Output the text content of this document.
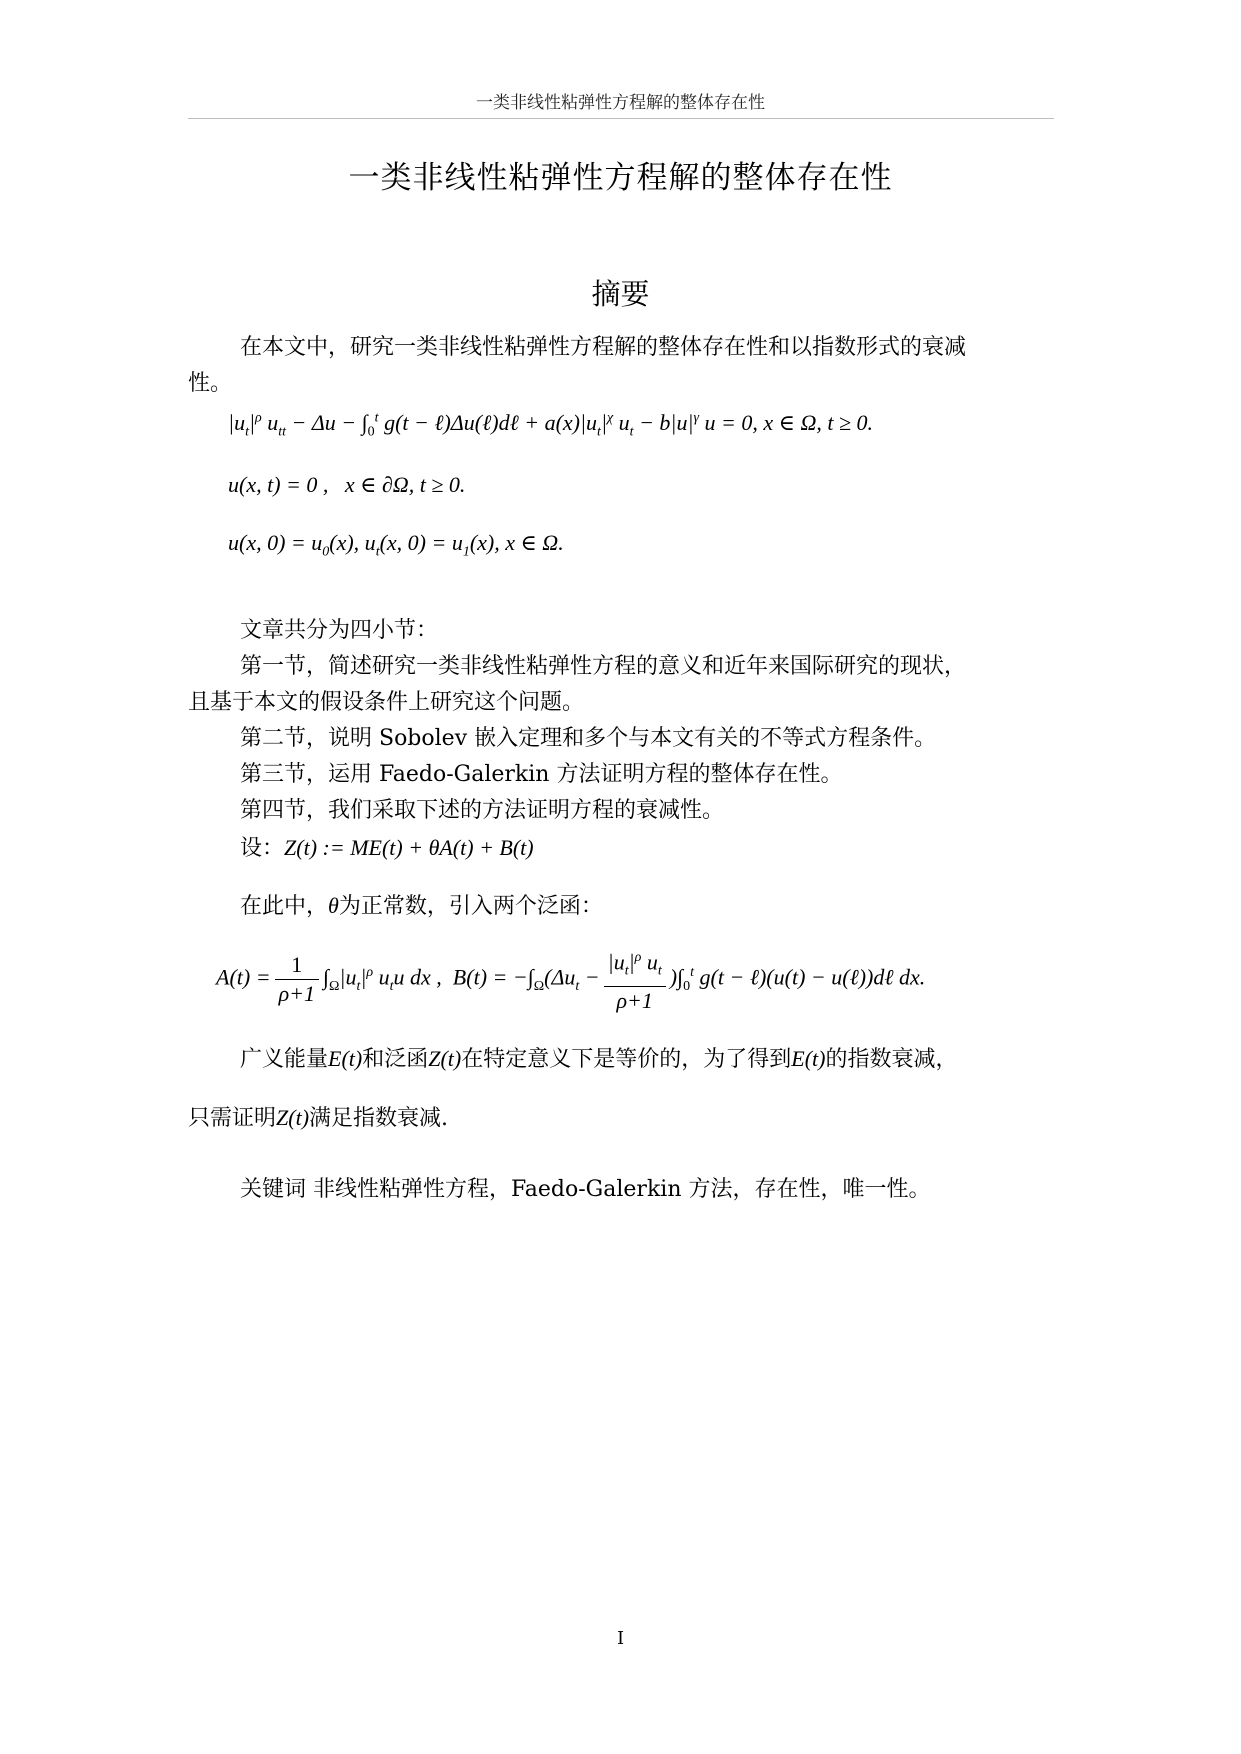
一类非线性粘弹性方程解的整体存在性
一类非线性粘弹性方程解的整体存在性
摘要
在本文中，研究一类非线性粘弹性方程解的整体存在性和以指数形式的衰减
性。
$|u_t|^\rho$ $u_{tt} - \Delta u - \int_0^t$ g(t − ℓ)Δu(ℓ)dℓ + $a(x)|u_t|^\chi$ $u_t - b|u|^\gamma$ u = 0, x ∈ Ω, t ≥ 0.
u(x, t) = 0 ,   x ∈ ∂Ω, t ≥ 0.
u(x, $0) = u_0(x)$, $u_t(x$, $0) = u_1(x)$, x ∈ Ω.
文章共分为四小节：
第一节，简述研究一类非线性粘弹性方程的意义和近年来国际研究的现状，
且基于本文的假设条件上研究这个问题。
第二节，说明 Sobolev 嵌入定理和多个与本文有关的不等式方程条件。
第三节，运用 Faedo-Galerkin 方法证明方程的整体存在性。
第四节，我们采取下述的方法证明方程的衰减性。
设：Z(t) := ME(t) + θA(t) + B(t)
在此中，θ为正常数，引入两个泛函：
$A(t) = \frac{1}{\rho+1} \int_\Omega|u_t|^\rho$ $u_tu$ dx ,  $B(t) = -\int_\Omega(\Delta u_t - \frac{|u_t|^\rho u_t}{\rho+1} )\int_0^t$ g(t − ℓ)(u(t) − u(ℓ))dℓ dx.
广义能量E(t)和泛函Z(t)在特定意义下是等价的，为了得到E(t)的指数衰减，
只需证明Z(t)满足指数衰减.
关键词 非线性粘弹性方程，Faedo-Galerkin 方法，存在性，唯一性。
I
